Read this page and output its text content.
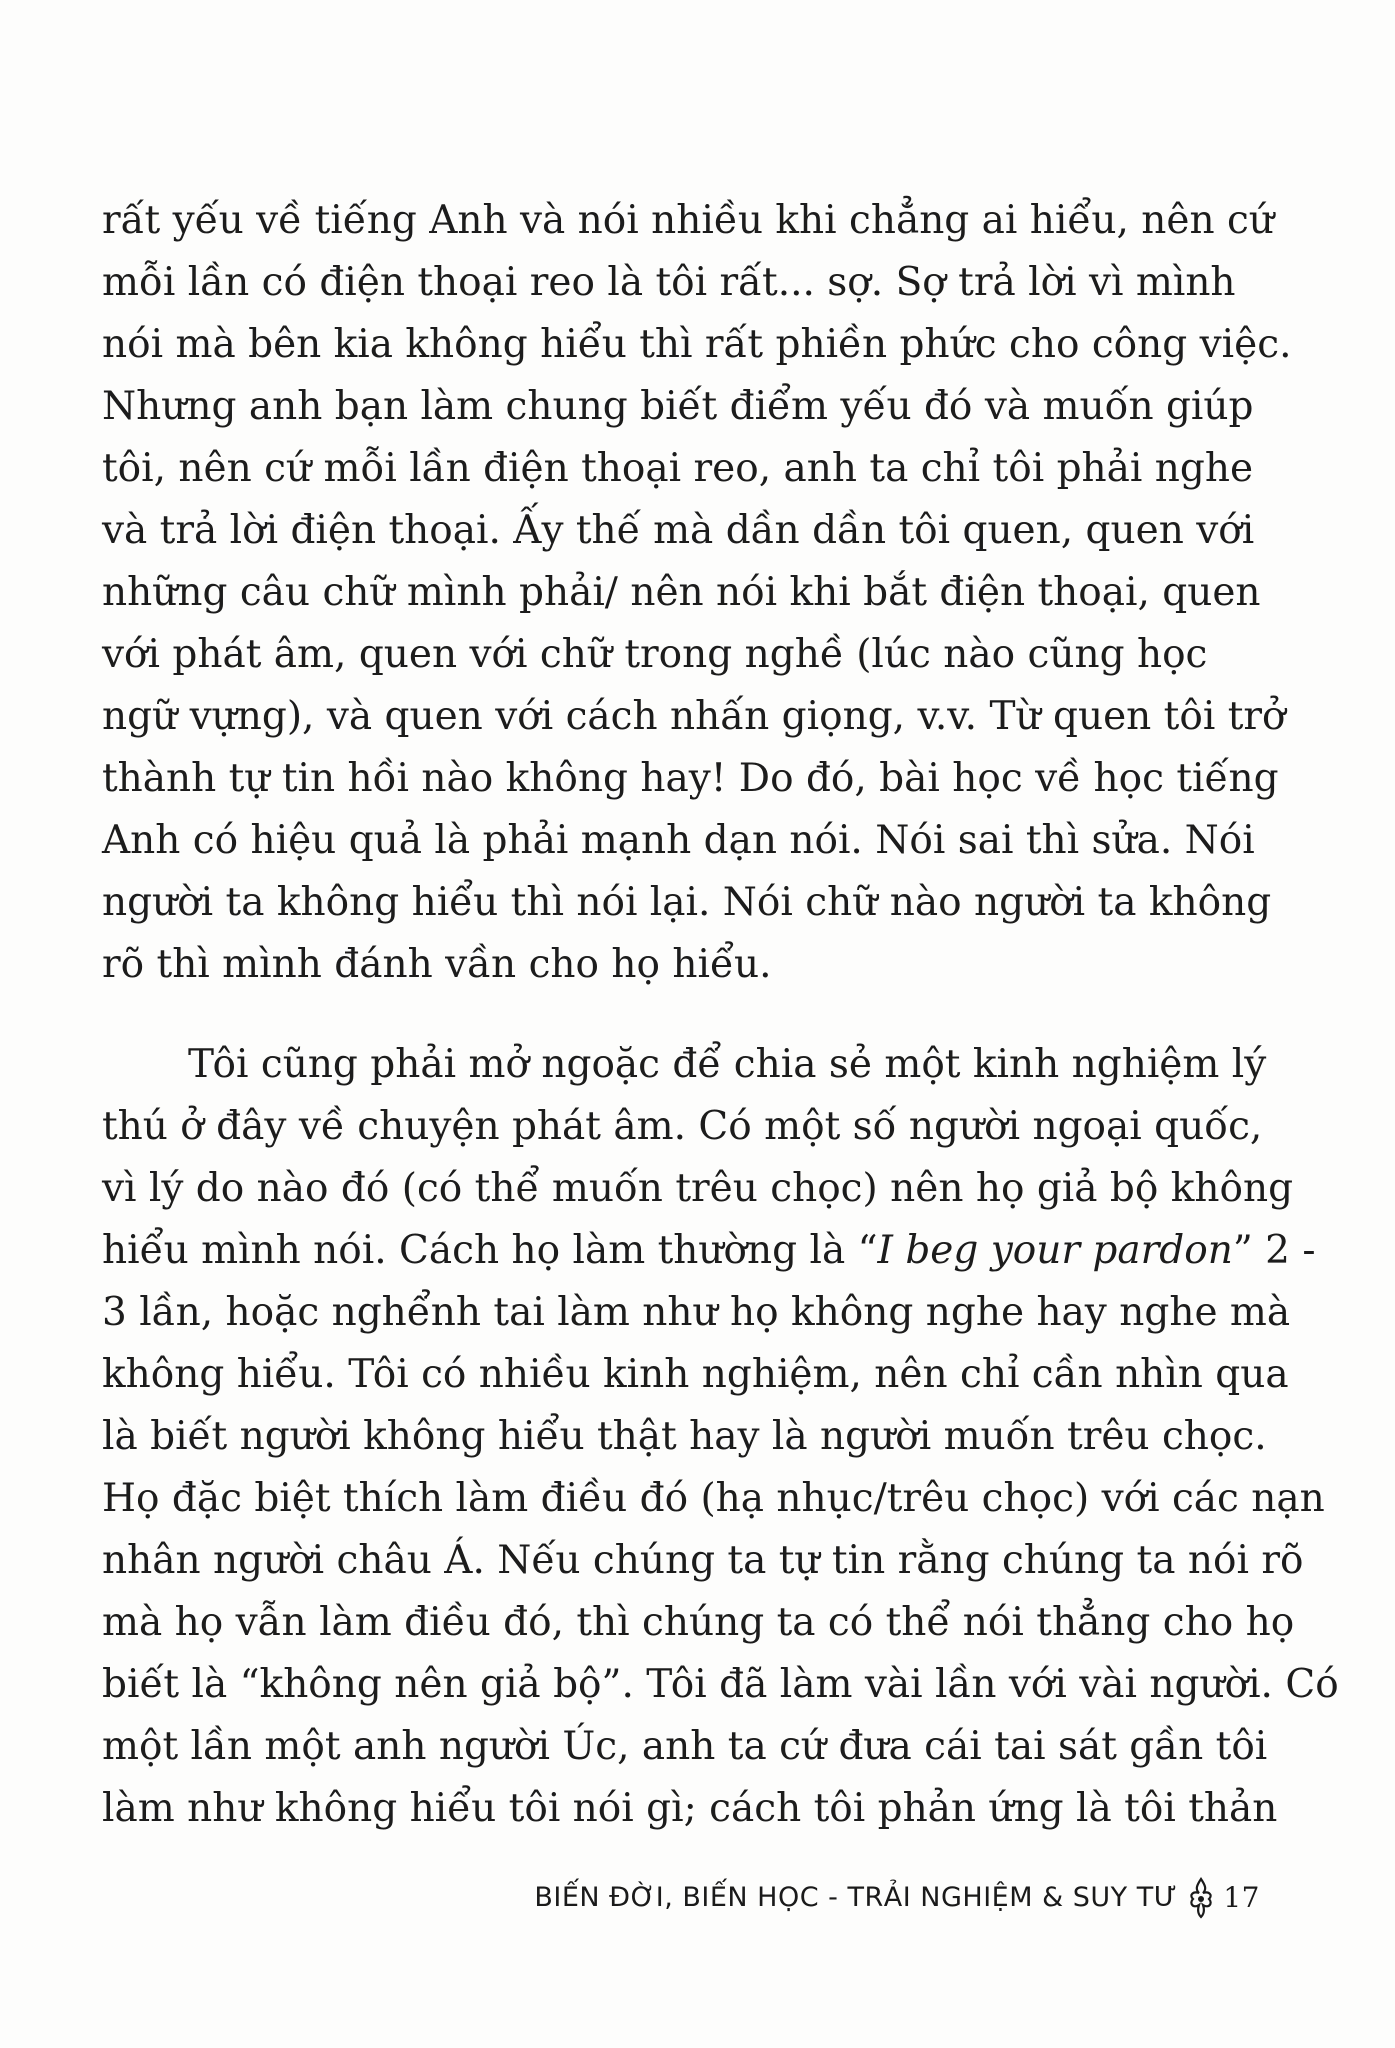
rất yếu về tiếng Anh và nói nhiều khi chẳng ai hiểu, nên cứ
mỗi lần có điện thoại reo là tôi rất... sợ. Sợ trả lời vì mình
nói mà bên kia không hiểu thì rất phiền phức cho công việc.
Nhưng anh bạn làm chung biết điểm yếu đó và muốn giúp
tôi, nên cứ mỗi lần điện thoại reo, anh ta chỉ tôi phải nghe
và trả lời điện thoại. Ấy thế mà dần dần tôi quen, quen với
những câu chữ mình phải/ nên nói khi bắt điện thoại, quen
với phát âm, quen với chữ trong nghề (lúc nào cũng học
ngữ vựng), và quen với cách nhấn giọng, v.v. Từ quen tôi trở
thành tự tin hồi nào không hay! Do đó, bài học về học tiếng
Anh có hiệu quả là phải mạnh dạn nói. Nói sai thì sửa. Nói
người ta không hiểu thì nói lại. Nói chữ nào người ta không
rõ thì mình đánh vần cho họ hiểu.
Tôi cũng phải mở ngoặc để chia sẻ một kinh nghiệm lý
thú ở đây về chuyện phát âm. Có một số người ngoại quốc,
vì lý do nào đó (có thể muốn trêu chọc) nên họ giả bộ không
hiểu mình nói. Cách họ làm thường là “I beg your pardon” 2 -
3 lần, hoặc nghểnh tai làm như họ không nghe hay nghe mà
không hiểu. Tôi có nhiều kinh nghiệm, nên chỉ cần nhìn qua
là biết người không hiểu thật hay là người muốn trêu chọc.
Họ đặc biệt thích làm điều đó (hạ nhục/trêu chọc) với các nạn
nhân người châu Á. Nếu chúng ta tự tin rằng chúng ta nói rõ
mà họ vẫn làm điều đó, thì chúng ta có thể nói thẳng cho họ
biết là “không nên giả bộ”. Tôi đã làm vài lần với vài người. Có
một lần một anh người Úc, anh ta cứ đưa cái tai sát gần tôi
làm như không hiểu tôi nói gì; cách tôi phản ứng là tôi thản
BIẾN ĐỜI, BIẾN HỌC - TRẢI NGHIỆM & SUY TƯ 17
